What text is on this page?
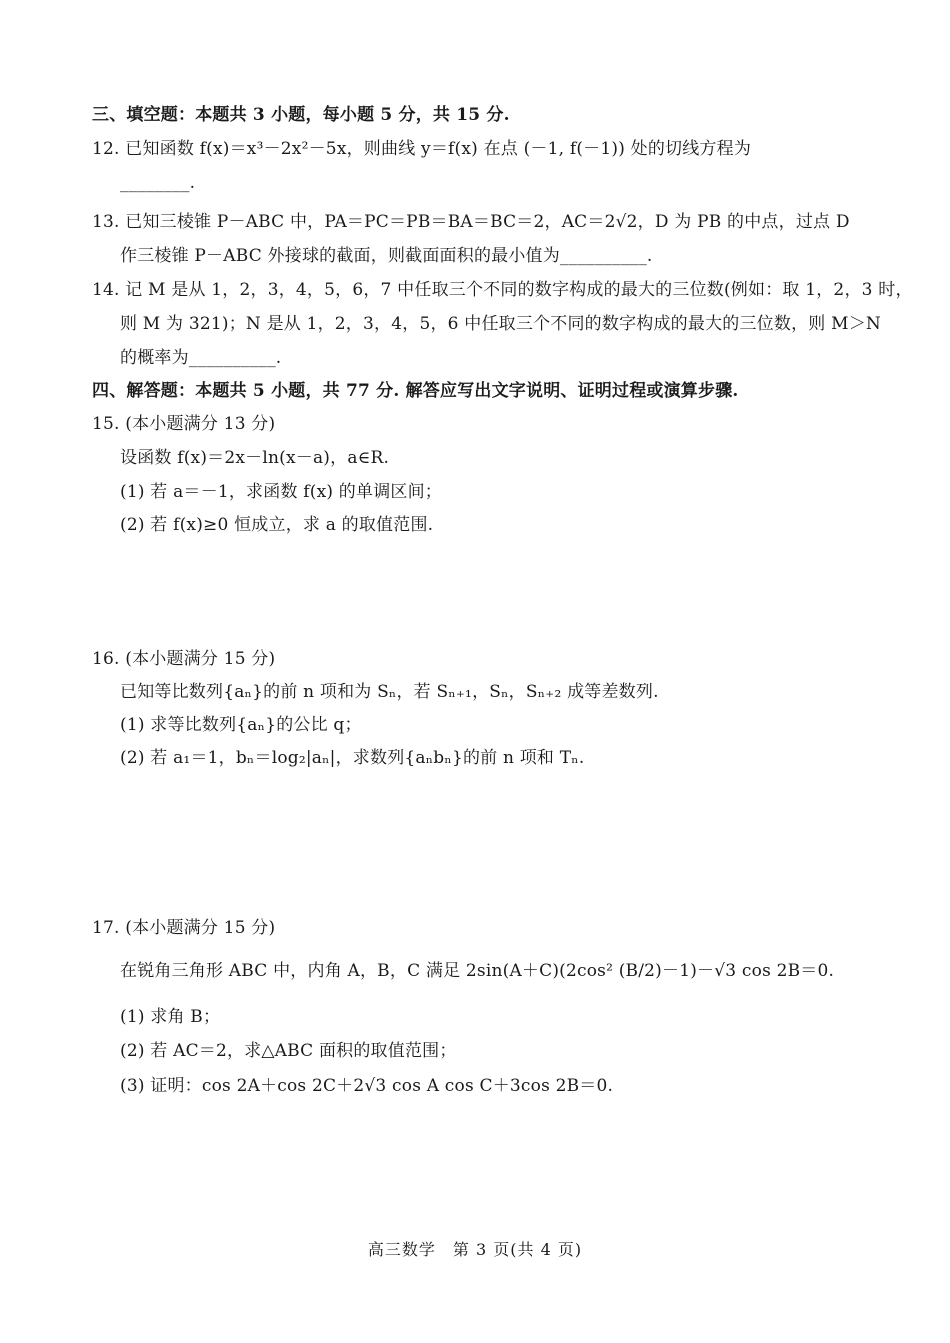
三、填空题：本题共 3 小题，每小题 5 分，共 15 分.
12. 已知函数 f(x)＝x³－2x²－5x，则曲线 y＝f(x) 在点 (－1, f(－1)) 处的切线方程为
________.
13. 已知三棱锥 P－ABC 中，PA＝PC＝PB＝BA＝BC＝2，AC＝2√2，D 为 PB 的中点，过点 D
作三棱锥 P－ABC 外接球的截面，则截面面积的最小值为__________.
14. 记 M 是从 1，2，3，4，5，6，7 中任取三个不同的数字构成的最大的三位数(例如：取 1，2，3 时，
则 M 为 321)；N 是从 1，2，3，4，5，6 中任取三个不同的数字构成的最大的三位数，则 M＞N
的概率为__________.
四、解答题：本题共 5 小题，共 77 分. 解答应写出文字说明、证明过程或演算步骤.
15. (本小题满分 13 分)
设函数 f(x)＝2x－ln(x－a)，a∈R.
(1) 若 a＝－1，求函数 f(x) 的单调区间；
(2) 若 f(x)≥0 恒成立，求 a 的取值范围.
16. (本小题满分 15 分)
已知等比数列{aₙ}的前 n 项和为 Sₙ，若 Sₙ₊₁，Sₙ，Sₙ₊₂ 成等差数列.
(1) 求等比数列{aₙ}的公比 q；
(2) 若 a₁＝1，bₙ＝log₂|aₙ|，求数列{aₙbₙ}的前 n 项和 Tₙ.
17. (本小题满分 15 分)
在锐角三角形 ABC 中，内角 A，B，C 满足 2sin(A＋C)(2cos² (B/2)－1)－√3 cos 2B＝0.
(1) 求角 B；
(2) 若 AC＝2，求△ABC 面积的取值范围；
(3) 证明：cos 2A＋cos 2C＋2√3 cos A cos C＋3cos 2B＝0.
高三数学　第 3 页(共 4 页)
